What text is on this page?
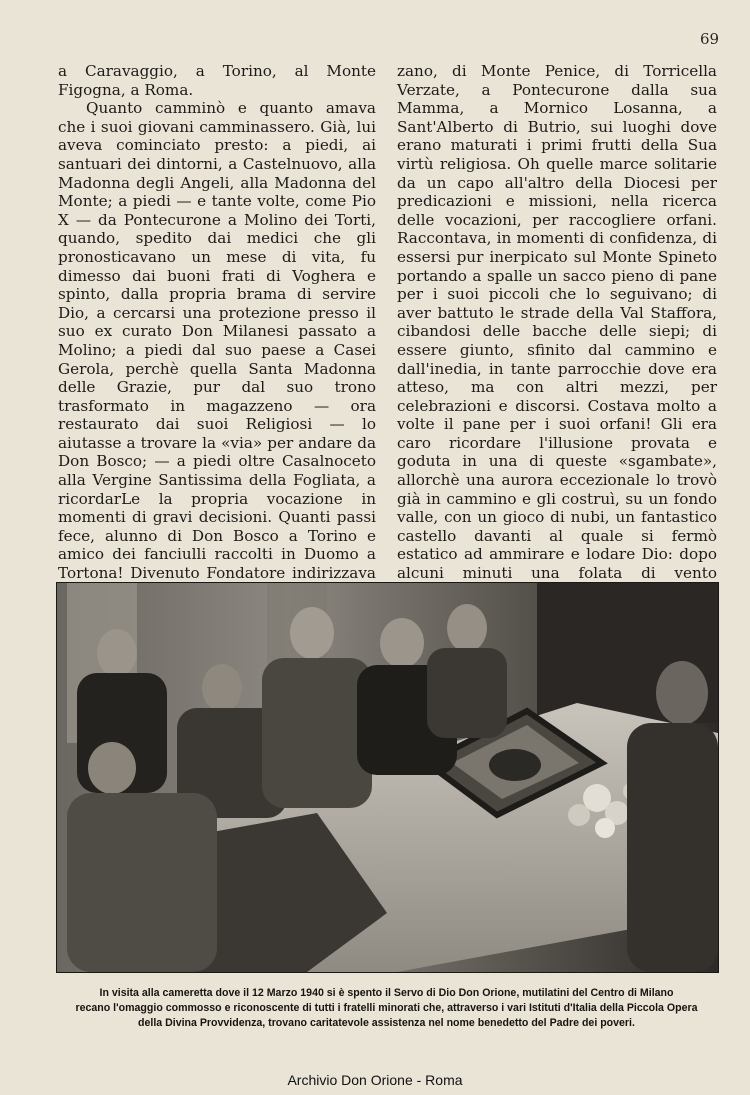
69

a Caravaggio, a Torino, al Monte Figogna, a Roma.

Quanto camminò e quanto amava che i suoi giovani camminassero. Già, lui aveva cominciato presto: a piedi, ai santuari dei dintorni, a Castelnuovo, alla Madonna degli Angeli, alla Madonna del Monte; a piedi — e tante volte, come Pio X — da Pontecurone a Molino dei Torti, quando, spedito dai medici che gli pronosticavano un mese di vita, fu dimesso dai buoni frati di Voghera e spinto, dalla propria brama di servire Dio, a cercarsi una protezione presso il suo ex curato Don Milanesi passato a Molino; a piedi dal suo paese a Casei Gerola, perchè quella Santa Madonna delle Grazie, pur dal suo trono trasformato in magazzeno — ora restaurato dai suoi Religiosi — lo aiutasse a trovare la «via» per andare da Don Bosco; — a piedi oltre Casalnoceto alla Vergine Santissima della Fogliata, a ricordarLe la propria vocazione in momenti di gravi decisioni. Quanti passi fece, alunno di Don Bosco a Torino e amico dei fanciulli raccolti in Duomo a Tortona! Divenuto Fondatore indirizzava

zano, di Monte Penice, di Torricella Verzate, a Pontecurone dalla sua Mamma, a Mornico Losanna, a Sant'Alberto di Butrio, sui luoghi dove erano maturati i primi frutti della Sua virtù religiosa. Oh quelle marce solitarie da un capo all'altro della Diocesi per predicazioni e missioni, nella ricerca delle vocazioni, per raccogliere orfani. Raccontava, in momenti di confidenza, di essersi pur inerpicato sul Monte Spineto portando a spalle un sacco pieno di pane per i suoi piccoli che lo seguivano; di aver battuto le strade della Val Staffora, cibandosi delle bacche delle siepi; di essere giunto, sfinito dal cammino e dall'inedia, in tante parrocchie dove era atteso, ma con altri mezzi, per celebrazioni e discorsi. Costava molto a volte il pane per i suoi orfani! Gli era caro ricordare l'illusione provata e goduta in una di queste «sgambate», allorchè una aurora eccezionale lo trovò già in cammino e gli costruì, su un fondo valle, con un gioco di nubi, un fantastico castello davanti al quale si fermò estatico ad ammirare e lodare Dio: dopo alcuni minuti una folata di vento

In visita alla cameretta dove il 12 Marzo 1940 si è spento il Servo di Dio Don Orione, mutilatini del Centro di Milano
recano l'omaggio commosso e riconoscente di tutti i fratelli minorati che, attraverso i vari Istituti d'Italia della Piccola Opera
della Divina Provvidenza, trovano caritatevole assistenza nel nome benedetto del Padre dei poveri.
Archivio Don Orione - Roma
